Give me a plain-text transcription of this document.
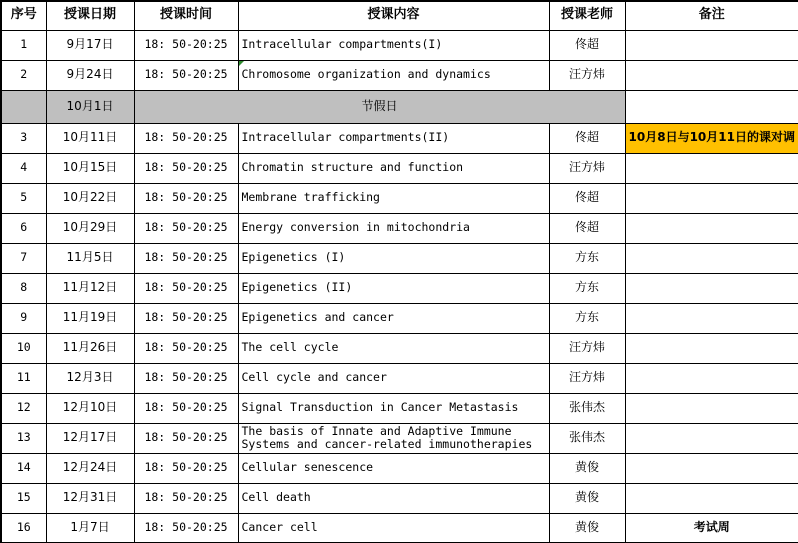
序号	授课日期	授课时间	授课内容	授课老师	备注
1	9月17日	18: 50-20:25	Intracellular compartments(I)	佟超	
2	9月24日	18: 50-20:25	Chromosome organization and dynamics	汪方炜	
	10月1日	节假日			
3	10月11日	18: 50-20:25	Intracellular compartments(II)	佟超	10月8日与10月11日的课对调
4	10月15日	18: 50-20:25	Chromatin structure and function	汪方炜	
5	10月22日	18: 50-20:25	Membrane trafficking	佟超	
6	10月29日	18: 50-20:25	Energy conversion in mitochondria	佟超	
7	11月5日	18: 50-20:25	Epigenetics (I)	方东	
8	11月12日	18: 50-20:25	Epigenetics (II)	方东	
9	11月19日	18: 50-20:25	Epigenetics and cancer	方东	
10	11月26日	18: 50-20:25	The cell cycle	汪方炜	
11	12月3日	18: 50-20:25	Cell cycle and cancer	汪方炜	
12	12月10日	18: 50-20:25	Signal Transduction in Cancer Metastasis	张伟杰	
13	12月17日	18: 50-20:25	The basis of Innate and Adaptive Immune Systems and cancer-related immunotherapies	张伟杰	
14	12月24日	18: 50-20:25	Cellular senescence	黄俊	
15	12月31日	18: 50-20:25	Cell death	黄俊	
16	1月7日	18: 50-20:25	Cancer cell	黄俊	考试周
